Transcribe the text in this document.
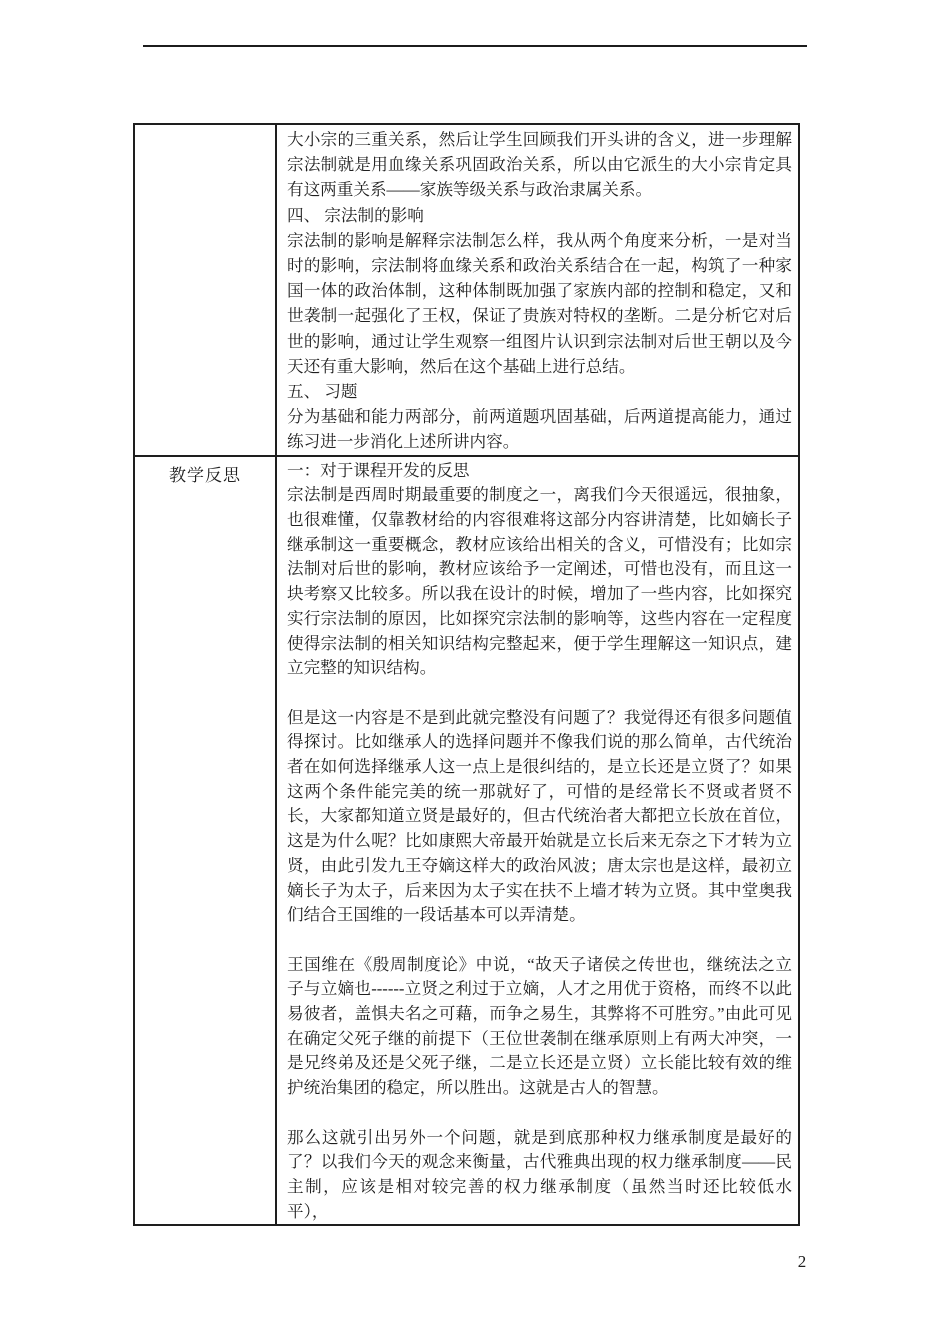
	大小宗的三重关系，然后让学生回顾我们开头讲的含义，进一步理解宗法制就是用血缘关系巩固政治关系，所以由它派生的大小宗肯定具有这两重关系——家族等级关系与政治隶属关系。

四、 宗法制的影响

宗法制的影响是解释宗法制怎么样，我从两个角度来分析，一是对当时的影响，宗法制将血缘关系和政治关系结合在一起，构筑了一种家国一体的政治体制，这种体制既加强了家族内部的控制和稳定，又和世袭制一起强化了王权，保证了贵族对特权的垄断。二是分析它对后世的影响，通过让学生观察一组图片认识到宗法制对后世王朝以及今天还有重大影响，然后在这个基础上进行总结。

五、 习题

分为基础和能力两部分，前两道题巩固基础，后两道提高能力，通过练习进一步消化上述所讲内容。

教学反思	一：对于课程开发的反思

宗法制是西周时期最重要的制度之一，离我们今天很遥远，很抽象，也很难懂，仅靠教材给的内容很难将这部分内容讲清楚，比如嫡长子继承制这一重要概念，教材应该给出相关的含义，可惜没有；比如宗法制对后世的影响，教材应该给予一定阐述，可惜也没有，而且这一块考察又比较多。所以我在设计的时候，增加了一些内容，比如探究实行宗法制的原因，比如探究宗法制的影响等，这些内容在一定程度使得宗法制的相关知识结构完整起来，便于学生理解这一知识点，建立完整的知识结构。

但是这一内容是不是到此就完整没有问题了？我觉得还有很多问题值得探讨。比如继承人的选择问题并不像我们说的那么简单，古代统治者在如何选择继承人这一点上是很纠结的，是立长还是立贤了？如果这两个条件能完美的统一那就好了，可惜的是经常长不贤或者贤不长，大家都知道立贤是最好的，但古代统治者大都把立长放在首位，这是为什么呢？比如康熙大帝最开始就是立长后来无奈之下才转为立贤，由此引发九王夺嫡这样大的政治风波；唐太宗也是这样，最初立嫡长子为太子，后来因为太子实在扶不上墙才转为立贤。其中堂奥我们结合王国维的一段话基本可以弄清楚。

王国维在《殷周制度论》中说，“故天子诸侯之传世也，继统法之立子与立嫡也------立贤之利过于立嫡，人才之用优于资格，而终不以此易彼者，盖惧夫名之可藉，而争之易生，其弊将不可胜穷。”由此可见在确定父死子继的前提下（王位世袭制在继承原则上有两大冲突，一是兄终弟及还是父死子继，二是立长还是立贤）立长能比较有效的维护统治集团的稳定，所以胜出。这就是古人的智慧。

那么这就引出另外一个问题，就是到底那种权力继承制度是最好的了？以我们今天的观念来衡量，古代雅典出现的权力继承制度——民主制，应该是相对较完善的权力继承制度（虽然当时还比较低水平），

2
